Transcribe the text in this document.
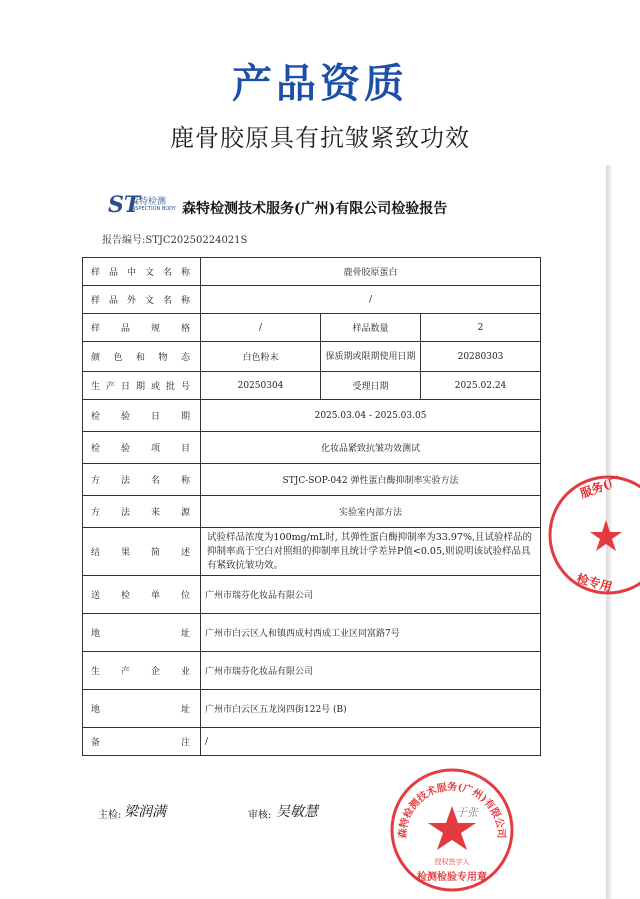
产品资质
鹿骨胶原具有抗皱紧致功效
ST
森特检测
INSPECTION BODY 森特检测技术服务(广州)有限公司检验报告
报告编号:STJC20250224021S
样品中文名称	鹿骨胶原蛋白		
样品外文名称	/		
样品规格	/	样品数量	2
颜色和物态	白色粉末	保质期或限期使用日期	20280303
生产日期或批号	20250304	受理日期	2025.02.24
检验日期	2025.03.04 - 2025.03.05		
检验项目	化妆品紧致抗皱功效测试		
方法名称	STJC-SOP-042 弹性蛋白酶抑制率实验方法		
方法来源	实验室内部方法		
结果简述	试验样品浓度为100mg/mL时, 其弹性蛋白酶抑制率为33.97%,且试验样品的抑制率高于空白对照组的抑制率且统计学差异P值<0.05,则说明该试验样品具有紧致抗皱功效。		
送检单位	广州市瑞芬化妆品有限公司		
地址	广州市白云区人和镇西成村西成工业区同富路7号		
生产企业	广州市瑞芬化妆品有限公司		
地址	广州市白云区五龙岗四街122号 (B)		
备注	/		
主检: 梁润满	审核: 吴敏慧
森特检测技术服务(广州)有限公司
授权签字人
检测检验专用章
于张
服务(广
检专用
